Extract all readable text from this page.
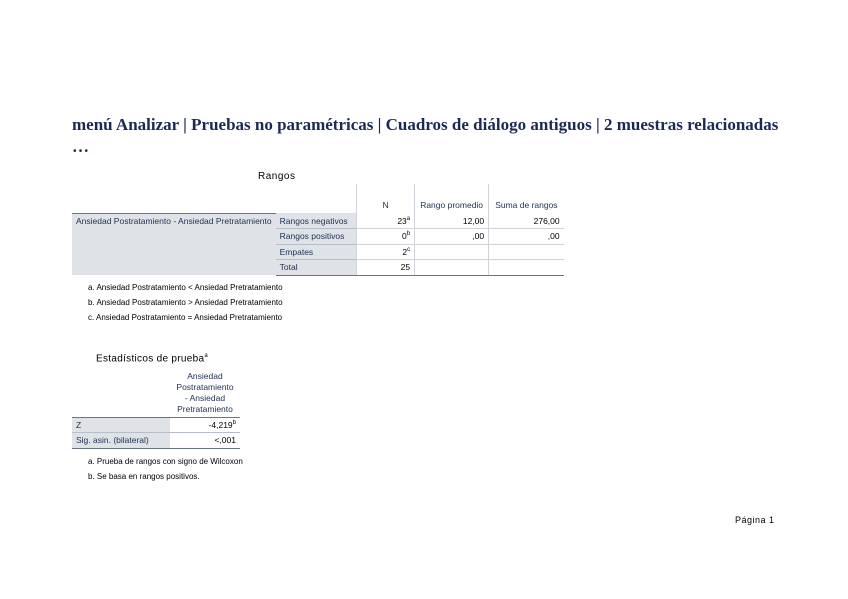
menú Analizar | Pruebas no paramétricas | Cuadros de diálogo antiguos | 2 muestras relacionadas …
Rangos
		N	Rango promedio	Suma de rangos
Ansiedad Postratamiento - Ansiedad Pretratamiento	Rangos negativos	23$^a$	12,00	276,00
	Rangos positivos	0$^b$	,00	,00
	Empates	2$^c$		
	Total	25		
a. Ansiedad Postratamiento < Ansiedad Pretratamiento
b. Ansiedad Postratamiento > Ansiedad Pretratamiento
c. Ansiedad Postratamiento = Ansiedad Pretratamiento
Estadísticos de prueba$^a$
	Ansiedad Postratamiento - Ansiedad Pretratamiento
Z	-4,219$^b$
Sig. asin. (bilateral)	<,001
a. Prueba de rangos con signo de Wilcoxon
b. Se basa en rangos positivos.
Página 1
